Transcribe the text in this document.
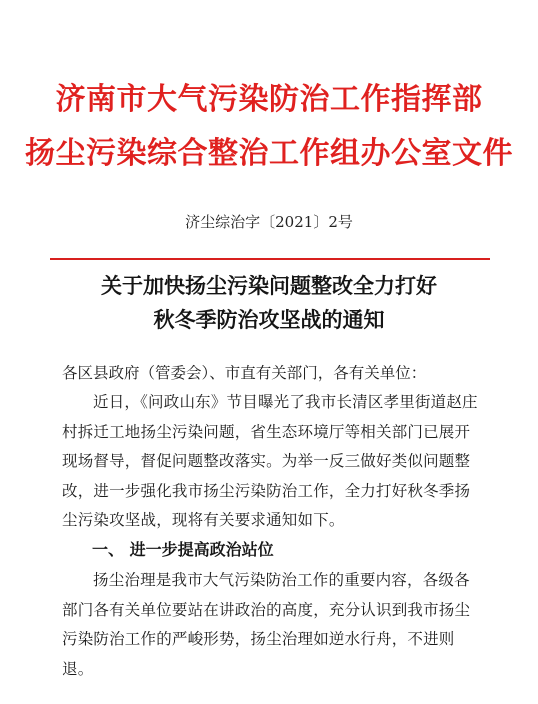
济南市大气污染防治工作指挥部
扬尘污染综合整治工作组办公室文件
济尘综治字〔2021〕2号
关于加快扬尘污染问题整改全力打好
秋冬季防治攻坚战的通知
各区县政府（管委会）、市直有关部门，各有关单位：
近日，《问政山东》节目曝光了我市长清区孝里街道赵庄村拆迁工地扬尘污染问题，省生态环境厅等相关部门已展开现场督导，督促问题整改落实。为举一反三做好类似问题整改，进一步强化我市扬尘污染防治工作，全力打好秋冬季扬尘污染攻坚战，现将有关要求通知如下。
一、 进一步提高政治站位
扬尘治理是我市大气污染防治工作的重要内容，各级各部门各有关单位要站在讲政治的高度，充分认识到我市扬尘污染防治工作的严峻形势，扬尘治理如逆水行舟，不进则退。
